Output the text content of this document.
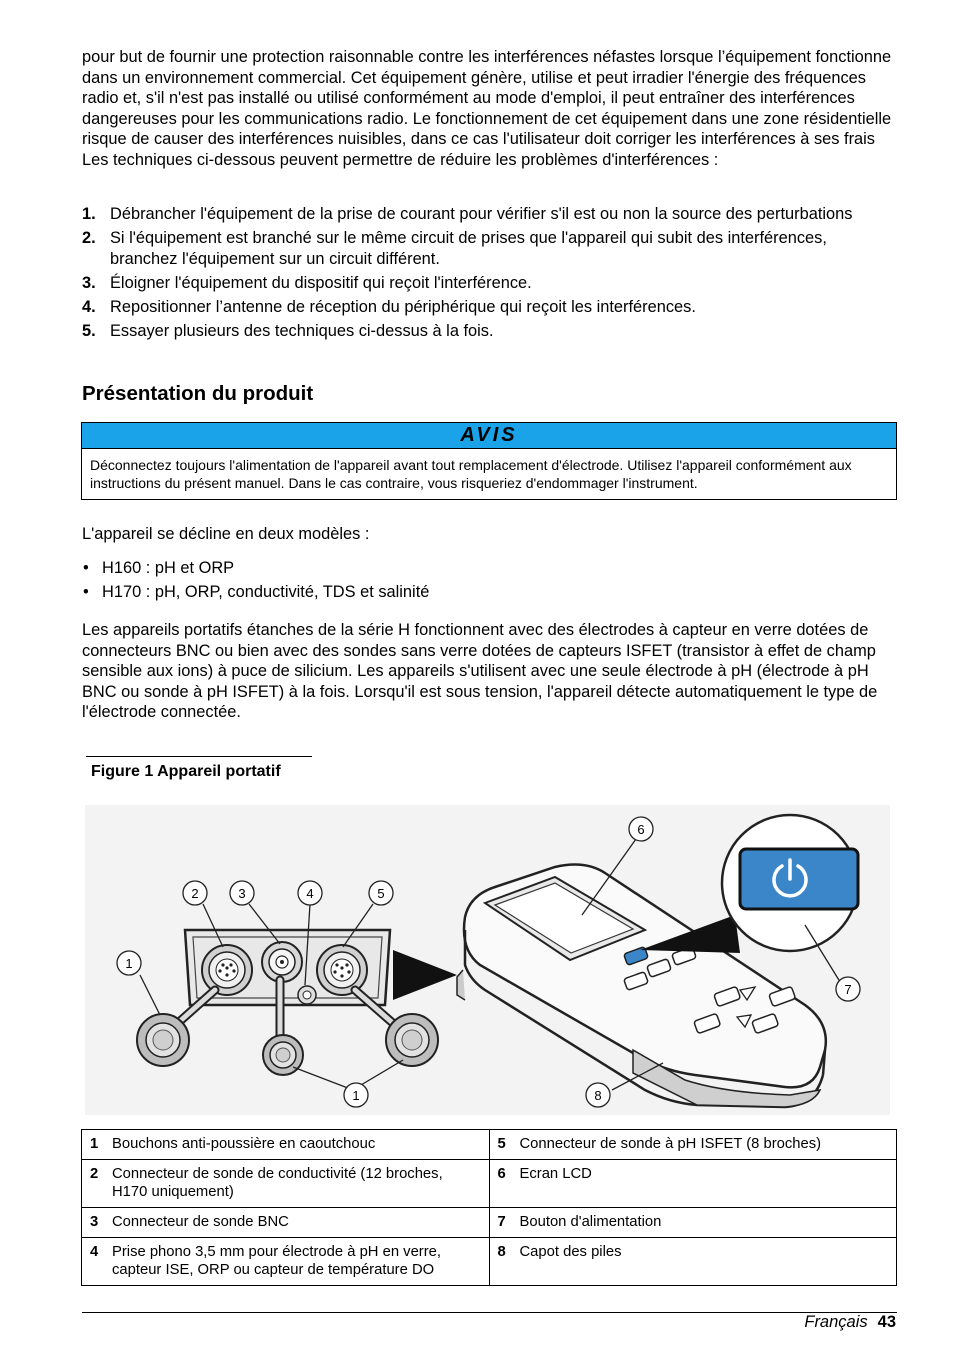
pour but de fournir une protection raisonnable contre les interférences néfastes lorsque l’équipement fonctionne dans un environnement commercial. Cet équipement génère, utilise et peut irradier l'énergie des fréquences radio et, s'il n'est pas installé ou utilisé conformément au mode d'emploi, il peut entraîner des interférences dangereuses pour les communications radio. Le fonctionnement de cet équipement dans une zone résidentielle risque de causer des interférences nuisibles, dans ce cas l'utilisateur doit corriger les interférences à ses frais Les techniques ci-dessous peuvent permettre de réduire les problèmes d'interférences :

1. Débrancher l'équipement de la prise de courant pour vérifier s'il est ou non la source des perturbations
2. Si l'équipement est branché sur le même circuit de prises que l'appareil qui subit des interférences, branchez l'équipement sur un circuit différent.
3. Éloigner l'équipement du dispositif qui reçoit l'interférence.
4. Repositionner l’antenne de réception du périphérique qui reçoit les interférences.
5. Essayer plusieurs des techniques ci-dessus à la fois.
Présentation du produit
AVIS
Déconnectez toujours l'alimentation de l'appareil avant tout remplacement d'électrode. Utilisez l'appareil conformément aux instructions du présent manuel. Dans le cas contraire, vous risqueriez d'endommager l'instrument.

L'appareil se décline en deux modèles :

• H160 : pH et ORP
• H170 : pH, ORP, conductivité, TDS et salinité

Les appareils portatifs étanches de la série H fonctionnent avec des électrodes à capteur en verre dotées de connecteurs BNC ou bien avec des sondes sans verre dotées de capteurs ISFET (transistor à effet de champ sensible aux ions) à puce de silicium. Les appareils s'utilisent avec une seule électrode à pH (électrode à pH BNC ou sonde à pH ISFET) à la fois. Lorsqu'il est sous tension, l'appareil détecte automatiquement le type de l'électrode connectée.

Figure 1 Appareil portatif
1
2	3	4	5
6
7
8
1
1 Bouchons anti-poussière en caoutchouc	5 Connecteur de sonde à pH ISFET (8 broches)
2 Connecteur de sonde de conductivité (12 broches, H170 uniquement)	6 Ecran LCD
3 Connecteur de sonde BNC	7 Bouton d'alimentation
4 Prise phono 3,5 mm pour électrode à pH en verre, capteur ISE, ORP ou capteur de température DO	8 Capot des piles
Français 43
